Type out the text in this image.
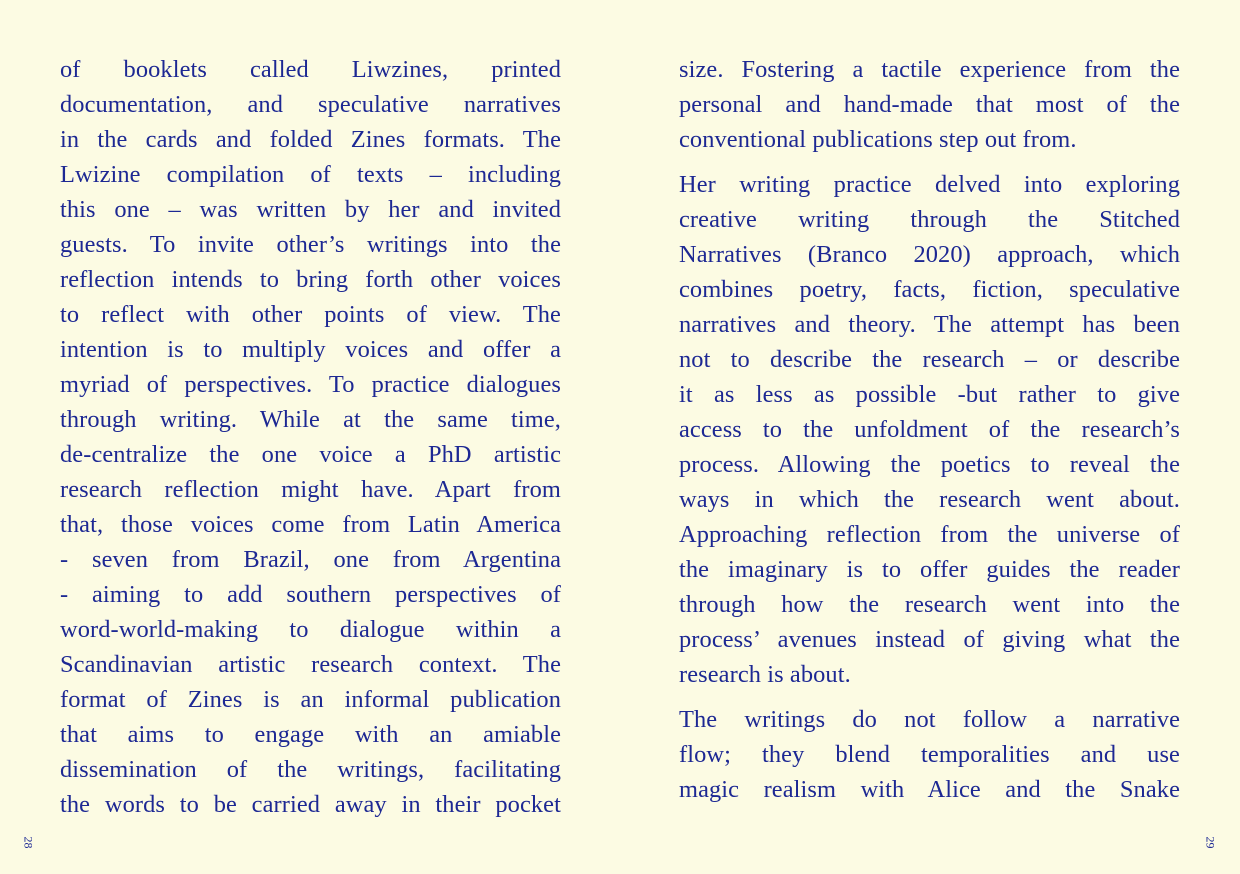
of booklets called Liwzines, printed
documentation, and speculative narratives
in the cards and folded Zines formats. The
Lwizine compilation of texts – including
this one – was written by her and invited
guests. To invite other’s writings into the
reflection intends to bring forth other voices
to reflect with other points of view. The
intention is to multiply voices and offer a
myriad of perspectives. To practice dialogues
through writing. While at the same time,
de-centralize the one voice a PhD artistic
research reflection might have. Apart from
that, those voices come from Latin America
- seven from Brazil, one from Argentina
- aiming to add southern perspectives of
word-world-making to dialogue within a
Scandinavian artistic research context. The
format of Zines is an informal publication
that aims to engage with an amiable
dissemination of the writings, facilitating
the words to be carried away in their pocket

size. Fostering a tactile experience from the
personal and hand-made that most of the
conventional publications step out from.

Her writing practice delved into exploring
creative writing through the Stitched
Narratives (Branco 2020) approach, which
combines poetry, facts, fiction, speculative
narratives and theory. The attempt has been
not to describe the research – or describe
it as less as possible -but rather to give
access to the unfoldment of the research’s
process. Allowing the poetics to reveal the
ways in which the research went about.
Approaching reflection from the universe of
the imaginary is to offer guides the reader
through how the research went into the
process’ avenues instead of giving what the
research is about.

The writings do not follow a narrative
flow; they blend temporalities and use
magic realism with Alice and the Snake

28	29
